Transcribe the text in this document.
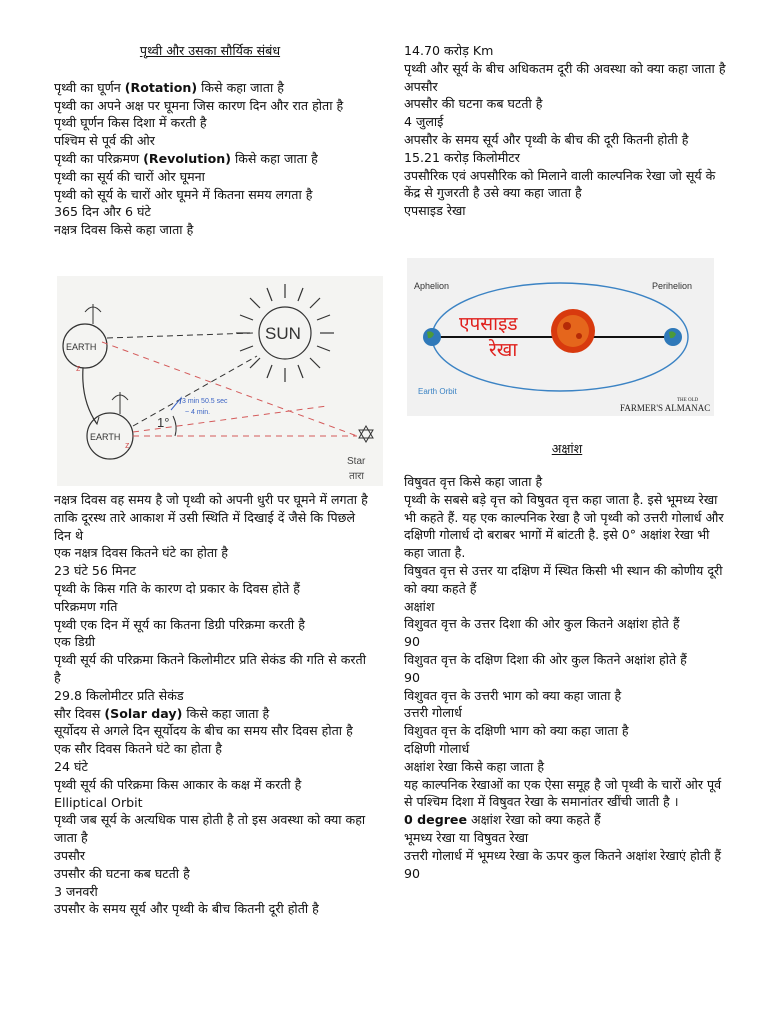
पृथ्वी और उसका सौर्यिक संबंध
पृथ्वी का घूर्णन (Rotation) किसे कहा जाता है
पृथ्वी का अपने अक्ष पर घूमना जिस कारण दिन और रात होता है
पृथ्वी घूर्णन किस दिशा में करती है
पश्चिम से पूर्व की ओर
पृथ्वी का परिक्रमण (Revolution) किसे कहा जाता है
पृथ्वी का सूर्य की चारों ओर घूमना
पृथ्वी को सूर्य के चारों ओर घूमने में कितना समय लगता है
365 दिन और 6 घंटे
नक्षत्र दिवस किसे कहा जाता है
SUN
EARTH
EARTH
1°
3 min 50.5 sec
~ 4 min.
Star
तारा
z
z
नक्षत्र दिवस वह समय है जो पृथ्वी को अपनी धुरी पर घूमने में लगता है ताकि दूरस्थ तारे आकाश में उसी स्थिति में दिखाई दें जैसे कि पिछले दिन थे
एक नक्षत्र दिवस कितने घंटे का होता है
23 घंटे 56 मिनट
पृथ्वी के किस गति के कारण दो प्रकार के दिवस होते हैं
परिक्रमण गति
पृथ्वी एक दिन में सूर्य का कितना डिग्री परिक्रमा करती है
एक डिग्री
पृथ्वी सूर्य की परिक्रमा कितने किलोमीटर प्रति सेकंड की गति से करती है
29.8 किलोमीटर प्रति सेकंड
सौर दिवस (Solar day) किसे कहा जाता है
सूर्योदय से अगले दिन सूर्योदय के बीच का समय सौर दिवस होता है
एक सौर दिवस कितने घंटे का होता है
24 घंटे
पृथ्वी सूर्य की परिक्रमा किस आकार के कक्ष में करती है
Elliptical Orbit
पृथ्वी जब सूर्य के अत्यधिक पास होती है तो इस अवस्था को क्या कहा जाता है
उपसौर
उपसौर की घटना कब घटती है
3 जनवरी
उपसौर के समय सूर्य और पृथ्वी के बीच कितनी दूरी होती है
14.70 करोड़ Km
पृथ्वी और सूर्य के बीच अधिकतम दूरी की अवस्था को क्या कहा जाता है
अपसौर
अपसौर की घटना कब घटती है
4 जुलाई
अपसौर के समय सूर्य और पृथ्वी के बीच की दूरी कितनी होती है
15.21 करोड़ किलोमीटर
उपसौरिक एवं अपसौरिक को मिलाने वाली काल्पनिक रेखा जो सूर्य के केंद्र से गुजरती है उसे क्या कहा जाता है
एपसाइड रेखा
Aphelion	Perihelion
एपसाइड
रेखा
Earth Orbit
THE OLD
FARMER'S ALMANAC
अक्षांश
विषुवत वृत्त किसे कहा जाता है
पृथ्वी के सबसे बड़े वृत्त को विषुवत वृत्त कहा जाता है. इसे भूमध्य रेखा भी कहते हैं. यह एक काल्पनिक रेखा है जो पृथ्वी को उत्तरी गोलार्ध और दक्षिणी गोलार्ध दो बराबर भागों में बांटती है. इसे 0° अक्षांश रेखा भी कहा जाता है.
विषुवत वृत्त से उत्तर या दक्षिण में स्थित किसी भी स्थान की कोणीय दूरी को क्या कहते हैं
अक्षांश
विशुवत वृत्त के उत्तर दिशा की ओर कुल कितने अक्षांश होते हैं
90
विशुवत वृत्त के दक्षिण दिशा की ओर कुल कितने अक्षांश होते हैं
90
विशुवत वृत्त के उत्तरी भाग को क्या कहा जाता है
उत्तरी गोलार्ध
विशुवत वृत्त के दक्षिणी भाग को क्या कहा जाता है
दक्षिणी गोलार्ध
अक्षांश रेखा किसे कहा जाता है
यह काल्पनिक रेखाओं का एक ऐसा समूह है जो पृथ्वी के चारों ओर पूर्व से पश्चिम दिशा में विषुवत रेखा के समानांतर खींची जाती है ।
0 degree अक्षांश रेखा को क्या कहते हैं
भूमध्य रेखा या विषुवत रेखा
उत्तरी गोलार्ध में भूमध्य रेखा के ऊपर कुल कितने अक्षांश रेखाएं होती हैं
90
